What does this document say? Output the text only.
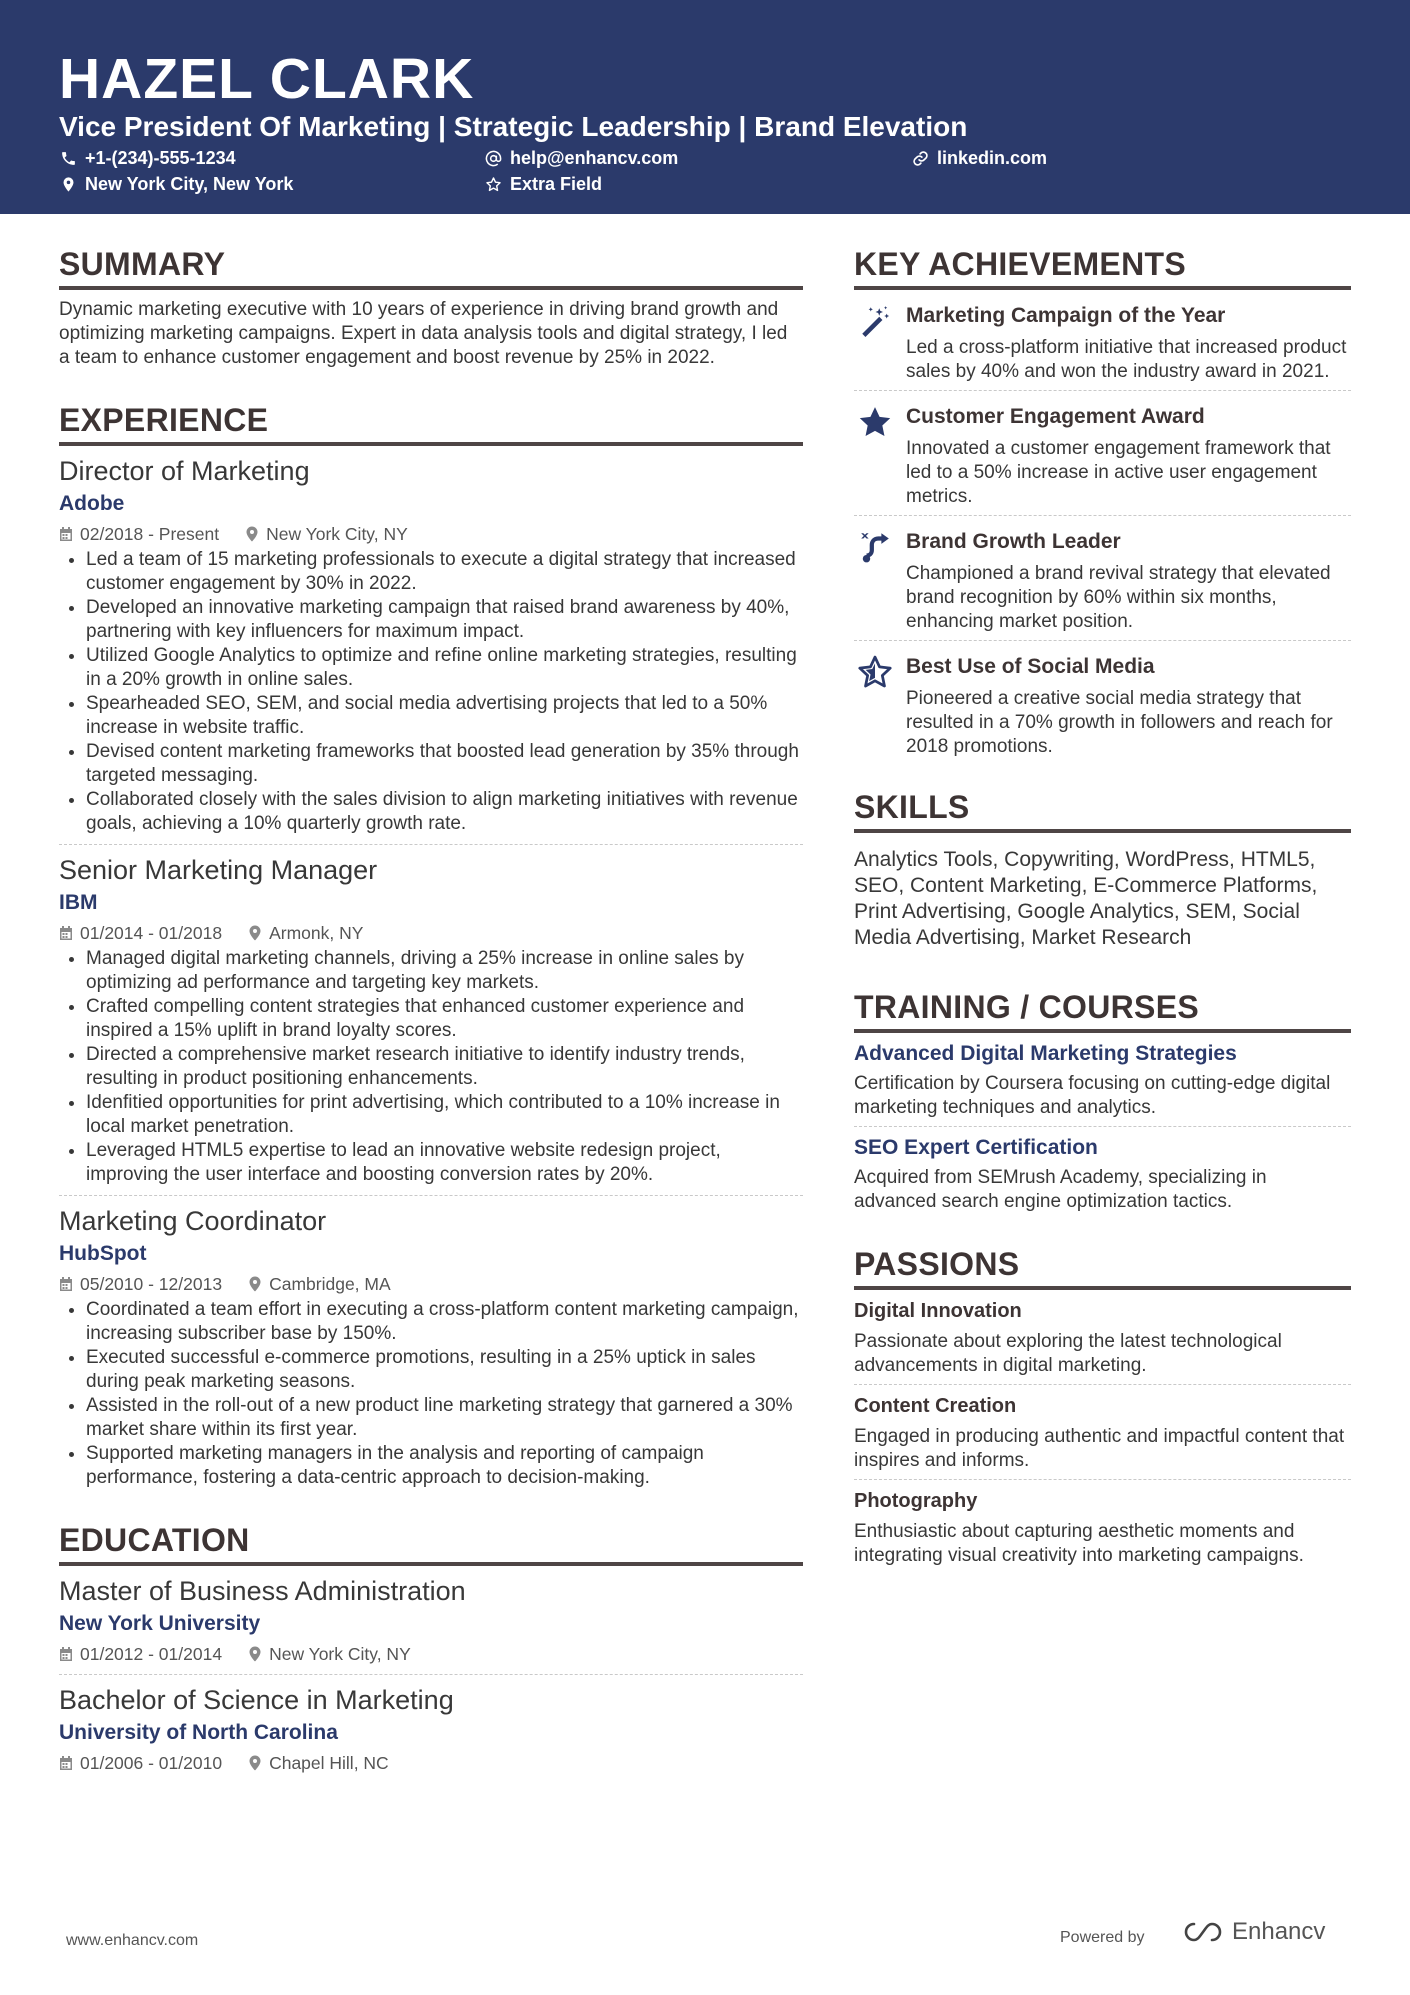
HAZEL CLARK
Vice President Of Marketing | Strategic Leadership | Brand Elevation
+1-(234)-555-1234	help@enhancv.com	linkedin.com
New York City, New York	Extra Field
SUMMARY

Dynamic marketing executive with 10 years of experience in driving brand growth and optimizing marketing campaigns. Expert in data analysis tools and digital strategy, I led a team to enhance customer engagement and boost revenue by 25% in 2022.

EXPERIENCE
Director of Marketing
Adobe
02/2018 - Present	New York City, NY
• Led a team of 15 marketing professionals to execute a digital strategy that increased customer engagement by 30% in 2022.
• Developed an innovative marketing campaign that raised brand awareness by 40%, partnering with key influencers for maximum impact.
• Utilized Google Analytics to optimize and refine online marketing strategies, resulting in a 20% growth in online sales.
• Spearheaded SEO, SEM, and social media advertising projects that led to a 50% increase in website traffic.
• Devised content marketing frameworks that boosted lead generation by 35% through targeted messaging.
• Collaborated closely with the sales division to align marketing initiatives with revenue goals, achieving a 10% quarterly growth rate.
Senior Marketing Manager
IBM
01/2014 - 01/2018	Armonk, NY
• Managed digital marketing channels, driving a 25% increase in online sales by optimizing ad performance and targeting key markets.
• Crafted compelling content strategies that enhanced customer experience and inspired a 15% uplift in brand loyalty scores.
• Directed a comprehensive market research initiative to identify industry trends, resulting in product positioning enhancements.
• Idenfitied opportunities for print advertising, which contributed to a 10% increase in local market penetration.
• Leveraged HTML5 expertise to lead an innovative website redesign project, improving the user interface and boosting conversion rates by 20%.
Marketing Coordinator
HubSpot
05/2010 - 12/2013	Cambridge, MA
• Coordinated a team effort in executing a cross-platform content marketing campaign, increasing subscriber base by 150%.
• Executed successful e-commerce promotions, resulting in a 25% uptick in sales during peak marketing seasons.
• Assisted in the roll-out of a new product line marketing strategy that garnered a 30% market share within its first year.
• Supported marketing managers in the analysis and reporting of campaign performance, fostering a data-centric approach to decision-making.
EDUCATION
Master of Business Administration
New York University
01/2012 - 01/2014	New York City, NY
Bachelor of Science in Marketing
University of North Carolina
01/2006 - 01/2010	Chapel Hill, NC
KEY ACHIEVEMENTS
Marketing Campaign of the Year
Led a cross-platform initiative that increased product sales by 40% and won the industry award in 2021.
Customer Engagement Award
Innovated a customer engagement framework that led to a 50% increase in active user engagement metrics.
Brand Growth Leader
Championed a brand revival strategy that elevated brand recognition by 60% within six months, enhancing market position.
Best Use of Social Media
Pioneered a creative social media strategy that resulted in a 70% growth in followers and reach for 2018 promotions.
SKILLS
Analytics Tools, Copywriting, WordPress, HTML5, SEO, Content Marketing, E-Commerce Platforms, Print Advertising, Google Analytics, SEM, Social Media Advertising, Market Research
TRAINING / COURSES
Advanced Digital Marketing Strategies
Certification by Coursera focusing on cutting-edge digital marketing techniques and analytics.
SEO Expert Certification
Acquired from SEMrush Academy, specializing in advanced search engine optimization tactics.
PASSIONS
Digital Innovation
Passionate about exploring the latest technological advancements in digital marketing.
Content Creation
Engaged in producing authentic and impactful content that inspires and informs.
Photography
Enthusiastic about capturing aesthetic moments and integrating visual creativity into marketing campaigns.
www.enhancv.com	Powered by	Enhancv
